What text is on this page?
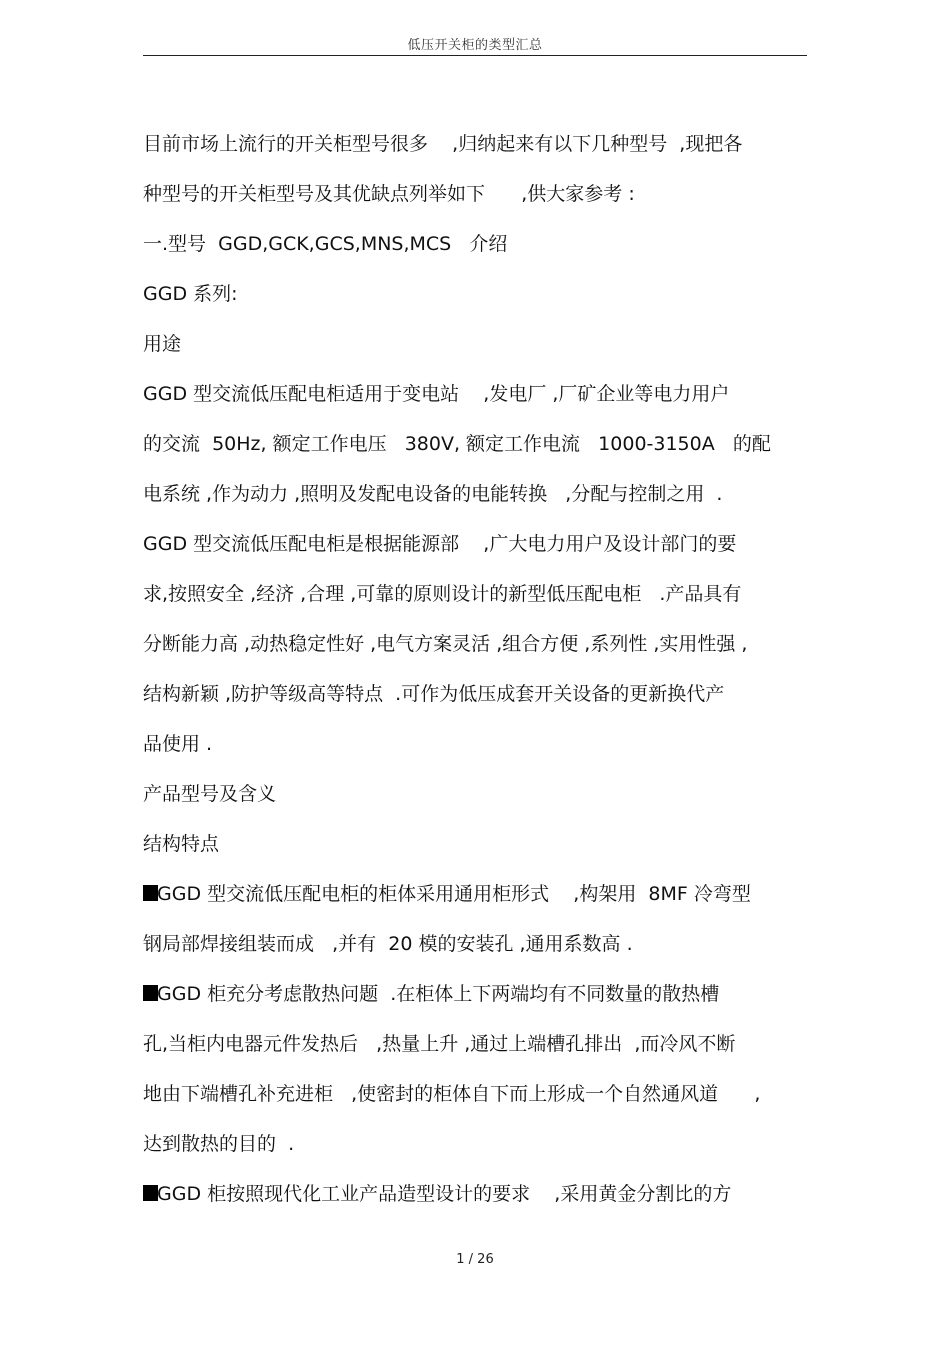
低压开关柜的类型汇总
目前市场上流行的开关柜型号很多    ,归纳起来有以下几种型号  ,现把各
种型号的开关柜型号及其优缺点列举如下      ,供大家参考 :
一.型号  GGD,GCK,GCS,MNS,MCS   介绍
GGD 系列:
用途
GGD 型交流低压配电柜适用于变电站    ,发电厂 ,厂矿企业等电力用户
的交流  50Hz, 额定工作电压   380V, 额定工作电流   1000-3150A   的配
电系统 ,作为动力 ,照明及发配电设备的电能转换   ,分配与控制之用  .
GGD 型交流低压配电柜是根据能源部    ,广大电力用户及设计部门的要
求,按照安全 ,经济 ,合理 ,可靠的原则设计的新型低压配电柜   .产品具有
分断能力高 ,动热稳定性好 ,电气方案灵活 ,组合方便 ,系列性 ,实用性强 ,
结构新颖 ,防护等级高等特点  .可作为低压成套开关设备的更新换代产
品使用 .
产品型号及含义
结构特点
GGD 型交流低压配电柜的柜体采用通用柜形式    ,构架用  8MF 冷弯型
钢局部焊接组装而成   ,并有  20 模的安装孔 ,通用系数高 .
GGD 柜充分考虑散热问题  .在柜体上下两端均有不同数量的散热槽
孔,当柜内电器元件发热后   ,热量上升 ,通过上端槽孔排出  ,而冷风不断
地由下端槽孔补充进柜   ,使密封的柜体自下而上形成一个自然通风道      ,
达到散热的目的  .
GGD 柜按照现代化工业产品造型设计的要求    ,采用黄金分割比的方
1 / 26
